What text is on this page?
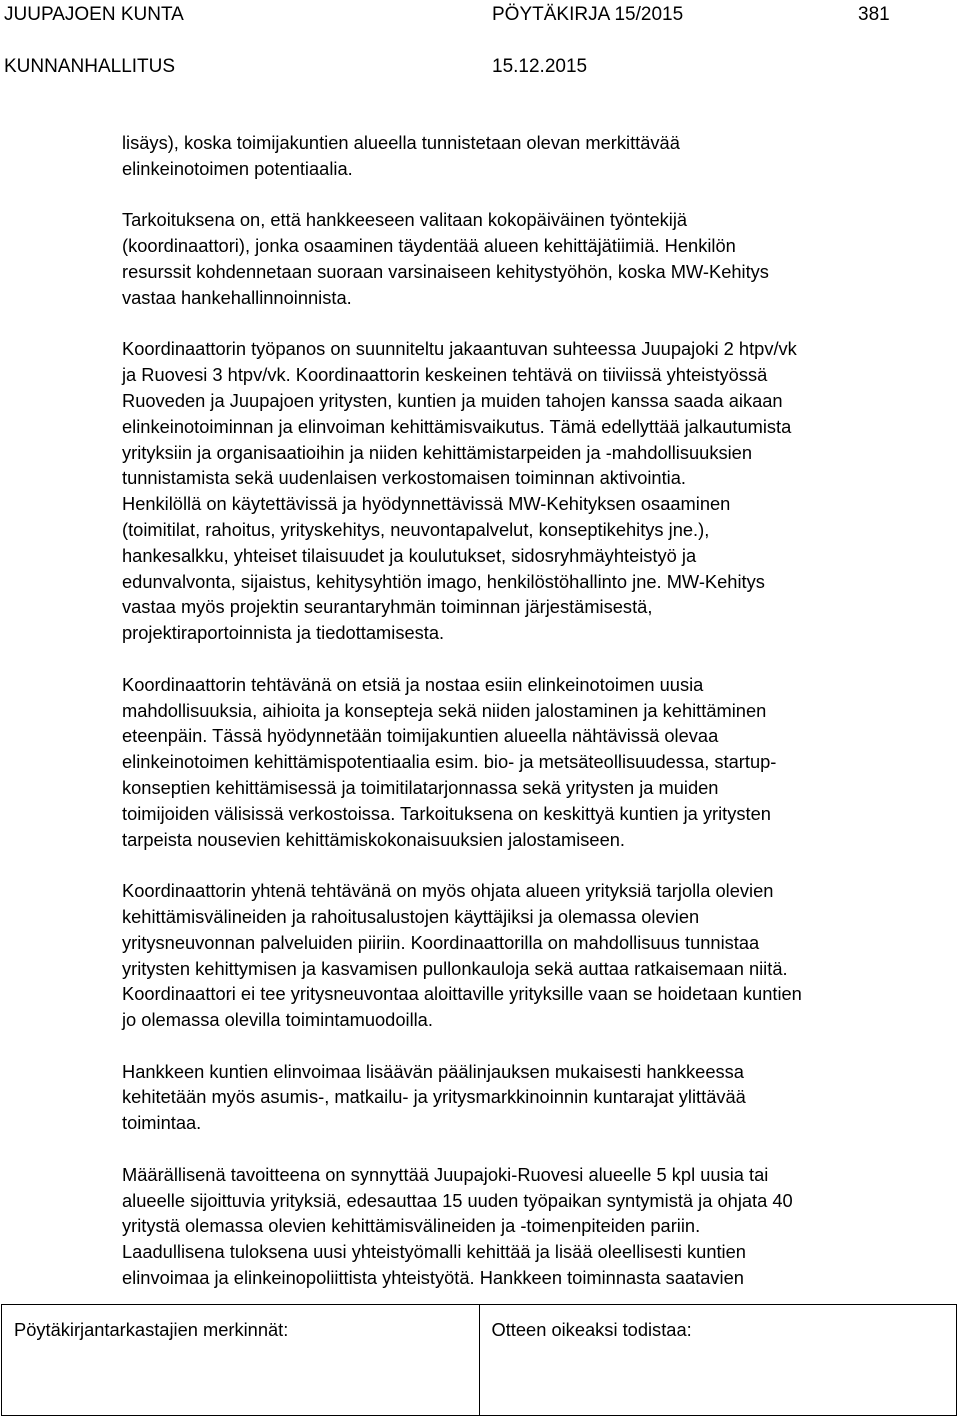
JUUPAJOEN KUNTA	PÖYTÄKIRJA 15/2015	381
KUNNANHALLITUS	15.12.2015

lisäys), koska toimijakuntien alueella tunnistetaan olevan merkittävää
elinkeinotoimen potentiaalia.

Tarkoituksena on, että hankkeeseen valitaan kokopäiväinen työntekijä
(koordinaattori), jonka osaaminen täydentää alueen kehittäjätiimiä. Henkilön
resurssit kohdennetaan suoraan varsinaiseen kehitystyöhön, koska MW-Kehitys
vastaa hankehallinnoinnista.

Koordinaattorin työpanos on suunniteltu jakaantuvan suhteessa Juupajoki 2 htpv/vk
ja Ruovesi 3 htpv/vk. Koordinaattorin keskeinen tehtävä on tiiviissä yhteistyössä
Ruoveden ja Juupajoen yritysten, kuntien ja muiden tahojen kanssa saada aikaan
elinkeinotoiminnan ja elinvoiman kehittämisvaikutus. Tämä edellyttää jalkautumista
yrityksiin ja organisaatioihin ja niiden kehittämistarpeiden ja -mahdollisuuksien
tunnistamista sekä uudenlaisen verkostomaisen toiminnan aktivointia.
Henkilöllä on käytettävissä ja hyödynnettävissä MW-Kehityksen osaaminen
(toimitilat, rahoitus, yrityskehitys, neuvontapalvelut, konseptikehitys jne.),
hankesalkku, yhteiset tilaisuudet ja koulutukset, sidosryhmäyhteistyö ja
edunvalvonta, sijaistus, kehitysyhtiön imago, henkilöstöhallinto jne. MW-Kehitys
vastaa myös projektin seurantaryhmän toiminnan järjestämisestä,
projektiraportoinnista ja tiedottamisesta.

Koordinaattorin tehtävänä on etsiä ja nostaa esiin elinkeinotoimen uusia
mahdollisuuksia, aihioita ja konsepteja sekä niiden jalostaminen ja kehittäminen
eteenpäin. Tässä hyödynnetään toimijakuntien alueella nähtävissä olevaa
elinkeinotoimen kehittämispotentiaalia esim. bio- ja metsäteollisuudessa, startup-
konseptien kehittämisessä ja toimitilatarjonnassa sekä yritysten ja muiden
toimijoiden välisissä verkostoissa. Tarkoituksena on keskittyä kuntien ja yritysten
tarpeista nousevien kehittämiskokonaisuuksien jalostamiseen.

Koordinaattorin yhtenä tehtävänä on myös ohjata alueen yrityksiä tarjolla olevien
kehittämisvälineiden ja rahoitusalustojen käyttäjiksi ja olemassa olevien
yritysneuvonnan palveluiden piiriin. Koordinaattorilla on mahdollisuus tunnistaa
yritysten kehittymisen ja kasvamisen pullonkauloja sekä auttaa ratkaisemaan niitä.
Koordinaattori ei tee yritysneuvontaa aloittaville yrityksille vaan se hoidetaan kuntien
jo olemassa olevilla toimintamuodoilla.

Hankkeen kuntien elinvoimaa lisäävän päälinjauksen mukaisesti hankkeessa
kehitetään myös asumis-, matkailu- ja yritysmarkkinoinnin kuntarajat ylittävää
toimintaa.

Määrällisenä tavoitteena on synnyttää Juupajoki-Ruovesi alueelle 5 kpl uusia tai
alueelle sijoittuvia yrityksiä, edesauttaa 15 uuden työpaikan syntymistä ja ohjata 40
yritystä olemassa olevien kehittämisvälineiden ja -toimenpiteiden pariin.
Laadullisena tuloksena uusi yhteistyömalli kehittää ja lisää oleellisesti kuntien
elinvoimaa ja elinkeinopoliittista yhteistyötä. Hankkeen toiminnasta saatavien

Pöytäkirjantarkastajien merkinnät:	Otteen oikeaksi todistaa:
